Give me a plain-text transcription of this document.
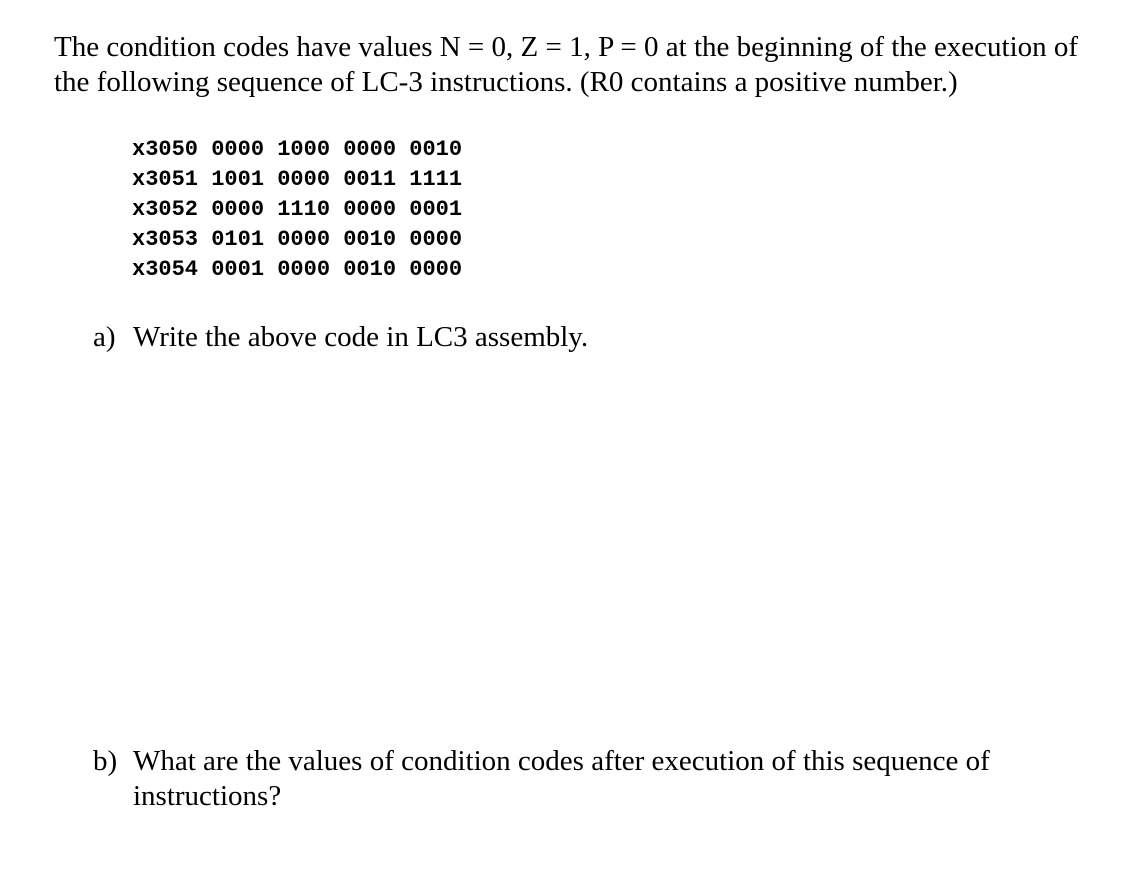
The condition codes have values N = 0, Z = 1, P = 0 at the beginning of the execution of the following sequence of LC-3 instructions. (R0 contains a positive number.)

x3050 0000 1000 0000 0010
x3051 1001 0000 0011 1111
x3052 0000 1110 0000 0001
x3053 0101 0000 0010 0000
x3054 0001 0000 0010 0000
a) Write the above code in LC3 assembly.
b) What are the values of condition codes after execution of this sequence of instructions?
